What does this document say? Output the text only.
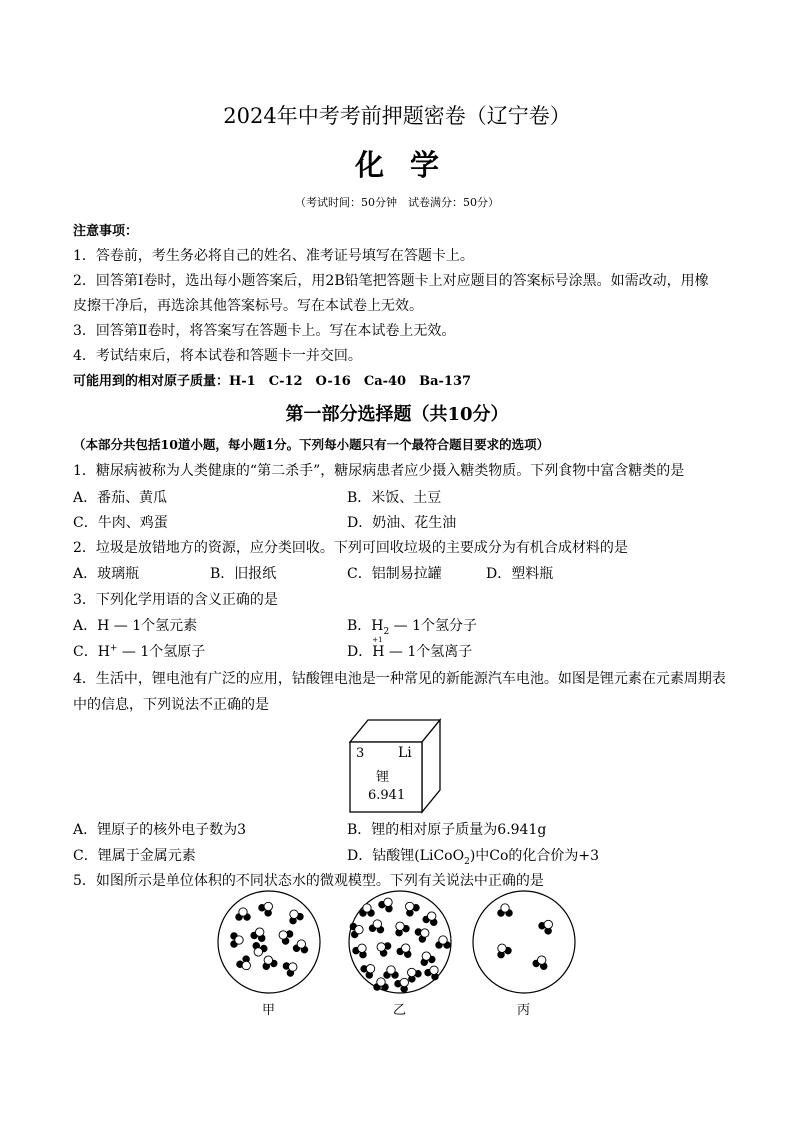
2024年中考考前押题密卷（辽宁卷）
化学
（考试时间：50分钟　试卷满分：50分）
注意事项：
1．答卷前，考生务必将自己的姓名、准考证号填写在答题卡上。
2．回答第Ⅰ卷时，选出每小题答案后，用2B铅笔把答题卡上对应题目的答案标号涂黑。如需改动，用橡
皮擦干净后，再选涂其他答案标号。写在本试卷上无效。
3．回答第Ⅱ卷时，将答案写在答题卡上。写在本试卷上无效。
4．考试结束后，将本试卷和答题卡一并交回。
可能用到的相对原子质量：H-1　C-12　O-16　Ca-40　Ba-137
第一部分选择题（共10分）
（本部分共包括10道小题，每小题1分。下列每小题只有一个最符合题目要求的选项）
1．糖尿病被称为人类健康的“第二杀手”，糖尿病患者应少摄入糖类物质。下列食物中富含糖类的是
A．番茄、黄瓜	B．米饭、土豆
C．牛肉、鸡蛋	D．奶油、花生油
2．垃圾是放错地方的资源，应分类回收。下列可回收垃圾的主要成分为有机合成材料的是
A．玻璃瓶	B．旧报纸	C．铝制易拉罐	D．塑料瓶
3．下列化学用语的含义正确的是
A．H — 1个氢元素	B．$H_2$ — 1个氢分子
C．H+ — 1个氢原子	D．
+1
H — 1个氢离子
4．生活中，锂电池有广泛的应用，钴酸锂电池是一种常见的新能源汽车电池。如图是锂元素在元素周期表
中的信息，下列说法不正确的是
3 Li
锂
6.941
A．锂原子的核外电子数为3	B．锂的相对原子质量为6.941g
C．锂属于金属元素	D．钴酸锂(LiCoO$_2$)中Co的化合价为+3
5．如图所示是单位体积的不同状态水的微观模型。下列有关说法中正确的是
甲	乙	丙
